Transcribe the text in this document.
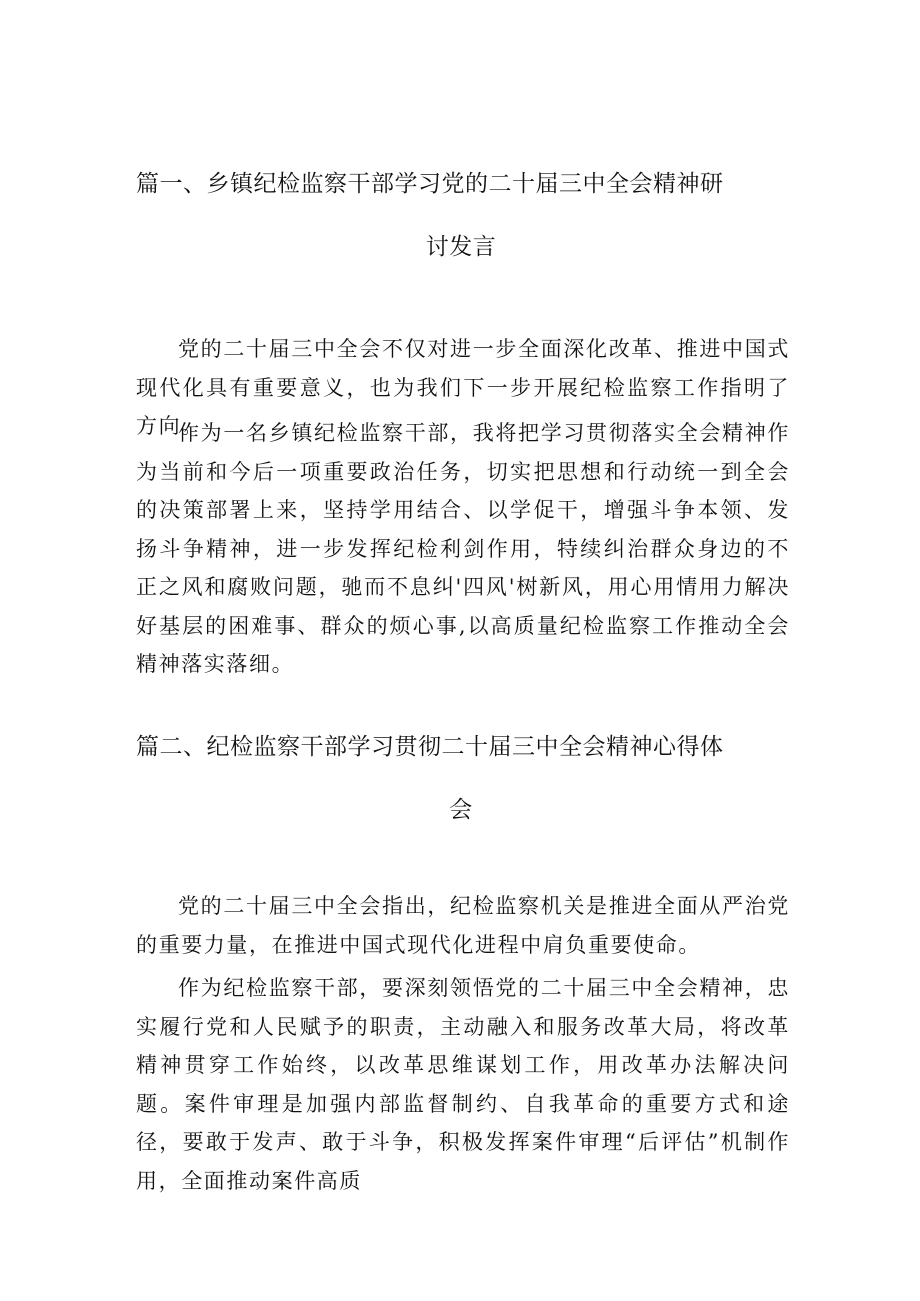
篇一、乡镇纪检监察干部学习党的二十届三中全会精神研
讨发言

党的二十届三中全会不仅对进一步全面深化改革、推进中国式现代化具有重要意义，也为我们下一步开展纪检监察工作指明了方向。

作为一名乡镇纪检监察干部，我将把学习贯彻落实全会精神作为当前和今后一项重要政治任务，切实把思想和行动统一到全会的决策部署上来，坚持学用结合、以学促干，增强斗争本领、发扬斗争精神，进一步发挥纪检利剑作用，特续纠治群众身边的不正之风和腐败问题，驰而不息纠'四风'树新风，用心用情用力解决好基层的困难事、群众的烦心事,以高质量纪检监察工作推动全会精神落实落细。

篇二、纪检监察干部学习贯彻二十届三中全会精神心得体
会

党的二十届三中全会指出，纪检监察机关是推进全面从严治党的重要力量，在推进中国式现代化进程中肩负重要使命。

作为纪检监察干部，要深刻领悟党的二十届三中全会精神，忠实履行党和人民赋予的职责，主动融入和服务改革大局，将改革精神贯穿工作始终，以改革思维谋划工作，用改革办法解决问题。案件审理是加强内部监督制约、自我革命的重要方式和途径，要敢于发声、敢于斗争，积极发挥案件审理“后评估”机制作用，全面推动案件高质
